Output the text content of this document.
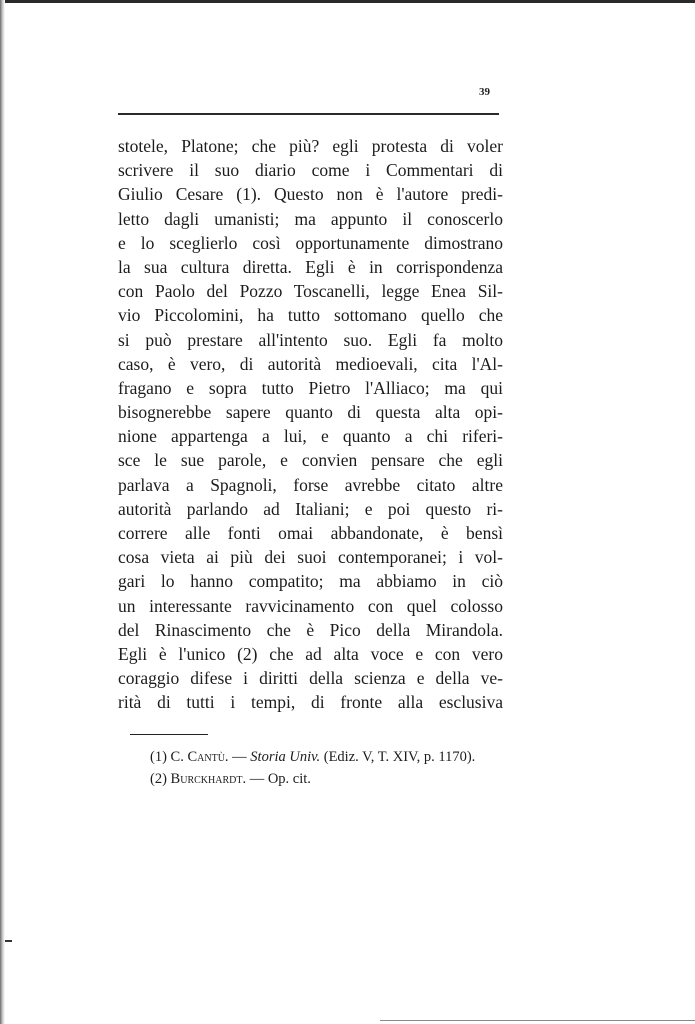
39
stotele, Platone; che più? egli protesta di voler
scrivere il suo diario come i Commentari di
Giulio Cesare (1). Questo non è l'autore predi-
letto dagli umanisti; ma appunto il conoscerlo
e lo sceglierlo così opportunamente dimostrano
la sua cultura diretta. Egli è in corrispondenza
con Paolo del Pozzo Toscanelli, legge Enea Sil-
vio Piccolomini, ha tutto sottomano quello che
si può prestare all'intento suo. Egli fa molto
caso, è vero, di autorità medioevali, cita l'Al-
fragano e sopra tutto Pietro l'Alliaco; ma qui
bisognerebbe sapere quanto di questa alta opi-
nione appartenga a lui, e quanto a chi riferi-
sce le sue parole, e convien pensare che egli
parlava a Spagnoli, forse avrebbe citato altre
autorità parlando ad Italiani; e poi questo ri-
correre alle fonti omai abbandonate, è bensì
cosa vieta ai più dei suoi contemporanei; i vol-
gari lo hanno compatito; ma abbiamo in ciò
un interessante ravvicinamento con quel colosso
del Rinascimento che è Pico della Mirandola.
Egli è l'unico (2) che ad alta voce e con vero
coraggio difese i diritti della scienza e della ve-
rità di tutti i tempi, di fronte alla esclusiva
(1) C. Cantù. — Storia Univ. (Ediz. V, T. XIV, p. 1170).
(2) Burckhardt. — Op. cit.
